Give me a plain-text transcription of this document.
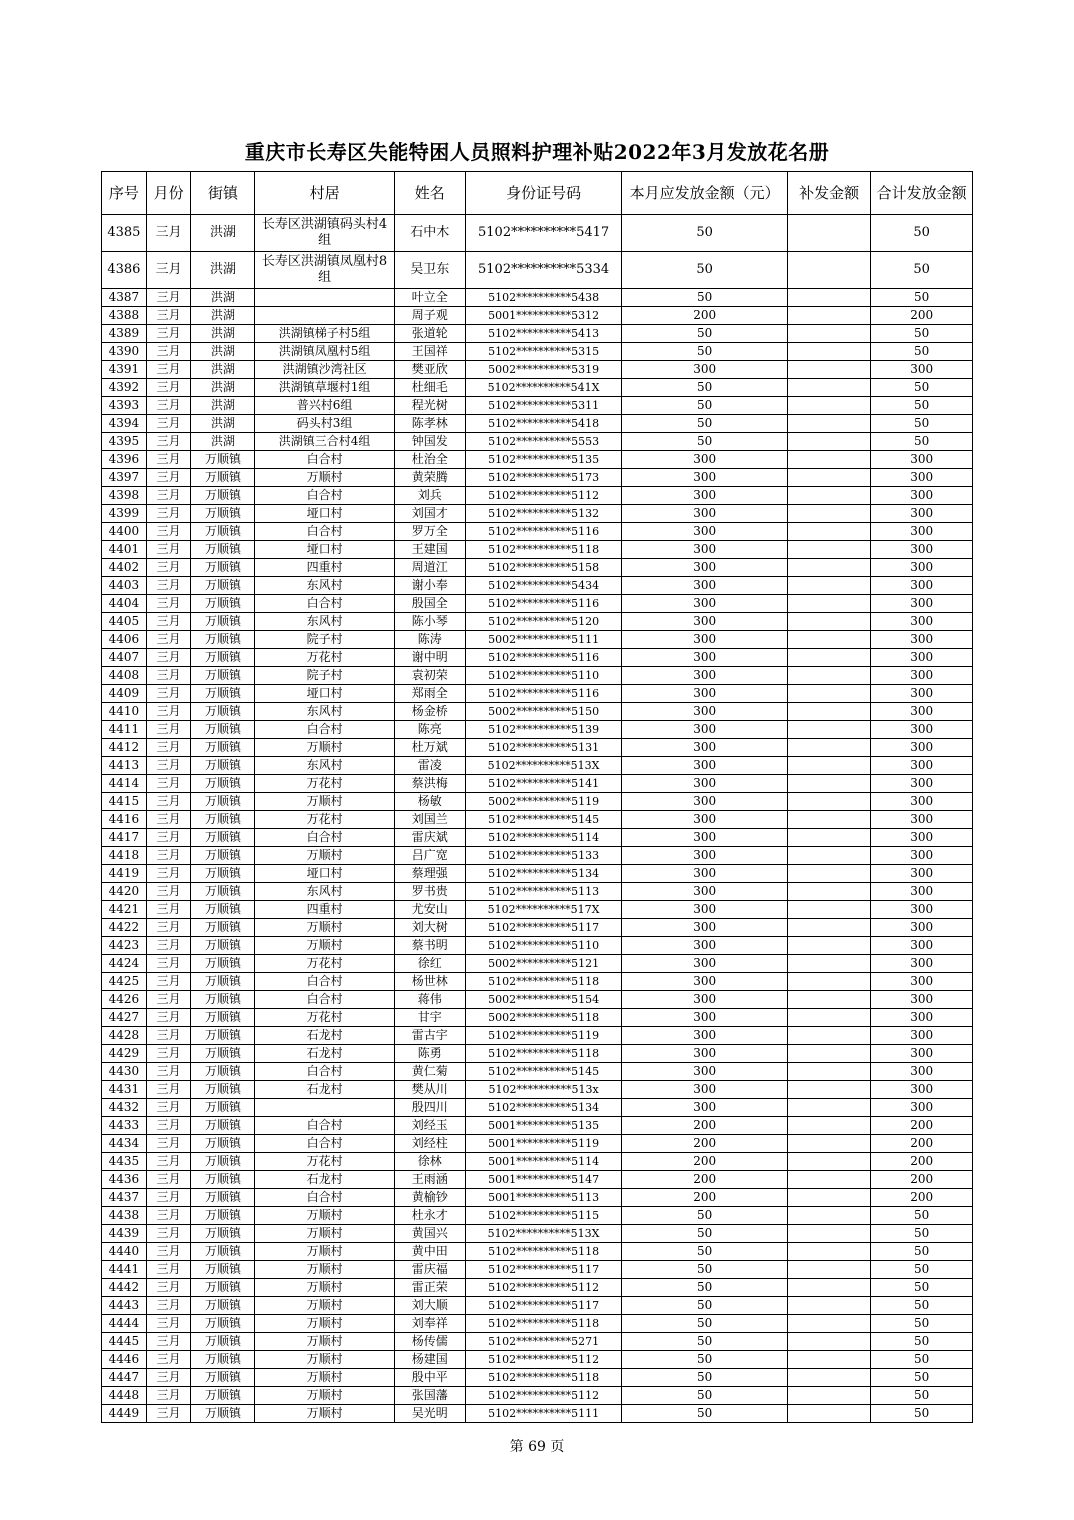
重庆市长寿区失能特困人员照料护理补贴2022年3月发放花名册
序号	月份	街镇	村居	姓名	身份证号码	本月应发放金额（元）	补发金额	合计发放金额
4385	三月	洪湖	长寿区洪湖镇码头村4组	石中木	5102**********5417	50		50
4386	三月	洪湖	长寿区洪湖镇凤凰村8组	吴卫东	5102**********5334	50		50
4387	三月	洪湖		叶立全	5102**********5438	50		50
4388	三月	洪湖		周子观	5001**********5312	200		200
4389	三月	洪湖	洪湖镇梯子村5组	张道轮	5102**********5413	50		50
4390	三月	洪湖	洪湖镇凤凰村5组	王国祥	5102**********5315	50		50
4391	三月	洪湖	洪湖镇沙湾社区	樊亚欣	5002**********5319	300		300
4392	三月	洪湖	洪湖镇草堰村1组	杜细毛	5102**********541X	50		50
4393	三月	洪湖	普兴村6组	程光树	5102**********5311	50		50
4394	三月	洪湖	码头村3组	陈孝林	5102**********5418	50		50
4395	三月	洪湖	洪湖镇三合村4组	钟国发	5102**********5553	50		50
4396	三月	万顺镇	白合村	杜治全	5102**********5135	300		300
4397	三月	万顺镇	万顺村	黄荣腾	5102**********5173	300		300
4398	三月	万顺镇	白合村	刘兵	5102**********5112	300		300
4399	三月	万顺镇	垭口村	刘国才	5102**********5132	300		300
4400	三月	万顺镇	白合村	罗万全	5102**********5116	300		300
4401	三月	万顺镇	垭口村	王建国	5102**********5118	300		300
4402	三月	万顺镇	四重村	周道江	5102**********5158	300		300
4403	三月	万顺镇	东风村	谢小奉	5102**********5434	300		300
4404	三月	万顺镇	白合村	殷国全	5102**********5116	300		300
4405	三月	万顺镇	东风村	陈小琴	5102**********5120	300		300
4406	三月	万顺镇	院子村	陈涛	5002**********5111	300		300
4407	三月	万顺镇	万花村	谢中明	5102**********5116	300		300
4408	三月	万顺镇	院子村	袁初荣	5102**********5110	300		300
4409	三月	万顺镇	垭口村	郑雨全	5102**********5116	300		300
4410	三月	万顺镇	东风村	杨金桥	5002**********5150	300		300
4411	三月	万顺镇	白合村	陈亮	5102**********5139	300		300
4412	三月	万顺镇	万顺村	杜万斌	5102**********5131	300		300
4413	三月	万顺镇	东风村	雷凌	5102**********513X	300		300
4414	三月	万顺镇	万花村	蔡洪梅	5102**********5141	300		300
4415	三月	万顺镇	万顺村	杨敏	5002**********5119	300		300
4416	三月	万顺镇	万花村	刘国兰	5102**********5145	300		300
4417	三月	万顺镇	白合村	雷庆斌	5102**********5114	300		300
4418	三月	万顺镇	万顺村	吕广宽	5102**********5133	300		300
4419	三月	万顺镇	垭口村	蔡理强	5102**********5134	300		300
4420	三月	万顺镇	东风村	罗书贵	5102**********5113	300		300
4421	三月	万顺镇	四重村	尤安山	5102**********517X	300		300
4422	三月	万顺镇	万顺村	刘大树	5102**********5117	300		300
4423	三月	万顺镇	万顺村	蔡书明	5102**********5110	300		300
4424	三月	万顺镇	万花村	徐红	5002**********5121	300		300
4425	三月	万顺镇	白合村	杨世林	5102**********5118	300		300
4426	三月	万顺镇	白合村	蒋伟	5002**********5154	300		300
4427	三月	万顺镇	万花村	甘宇	5002**********5118	300		300
4428	三月	万顺镇	石龙村	雷古宇	5102**********5119	300		300
4429	三月	万顺镇	石龙村	陈勇	5102**********5118	300		300
4430	三月	万顺镇	白合村	黄仁菊	5102**********5145	300		300
4431	三月	万顺镇	石龙村	樊从川	5102**********513x	300		300
4432	三月	万顺镇		殷四川	5102**********5134	300		300
4433	三月	万顺镇	白合村	刘经玉	5001**********5135	200		200
4434	三月	万顺镇	白合村	刘经柱	5001**********5119	200		200
4435	三月	万顺镇	万花村	徐林	5001**********5114	200		200
4436	三月	万顺镇	石龙村	王雨涵	5001**********5147	200		200
4437	三月	万顺镇	白合村	黄榆钞	5001**********5113	200		200
4438	三月	万顺镇	万顺村	杜永才	5102**********5115	50		50
4439	三月	万顺镇	万顺村	黄国兴	5102**********513X	50		50
4440	三月	万顺镇	万顺村	黄中田	5102**********5118	50		50
4441	三月	万顺镇	万顺村	雷庆福	5102**********5117	50		50
4442	三月	万顺镇	万顺村	雷正荣	5102**********5112	50		50
4443	三月	万顺镇	万顺村	刘大顺	5102**********5117	50		50
4444	三月	万顺镇	万顺村	刘奉祥	5102**********5118	50		50
4445	三月	万顺镇	万顺村	杨传儒	5102**********5271	50		50
4446	三月	万顺镇	万顺村	杨建国	5102**********5112	50		50
4447	三月	万顺镇	万顺村	殷中平	5102**********5118	50		50
4448	三月	万顺镇	万顺村	张国藩	5102**********5112	50		50
4449	三月	万顺镇	万顺村	吴光明	5102**********5111	50		50
第 69 页
